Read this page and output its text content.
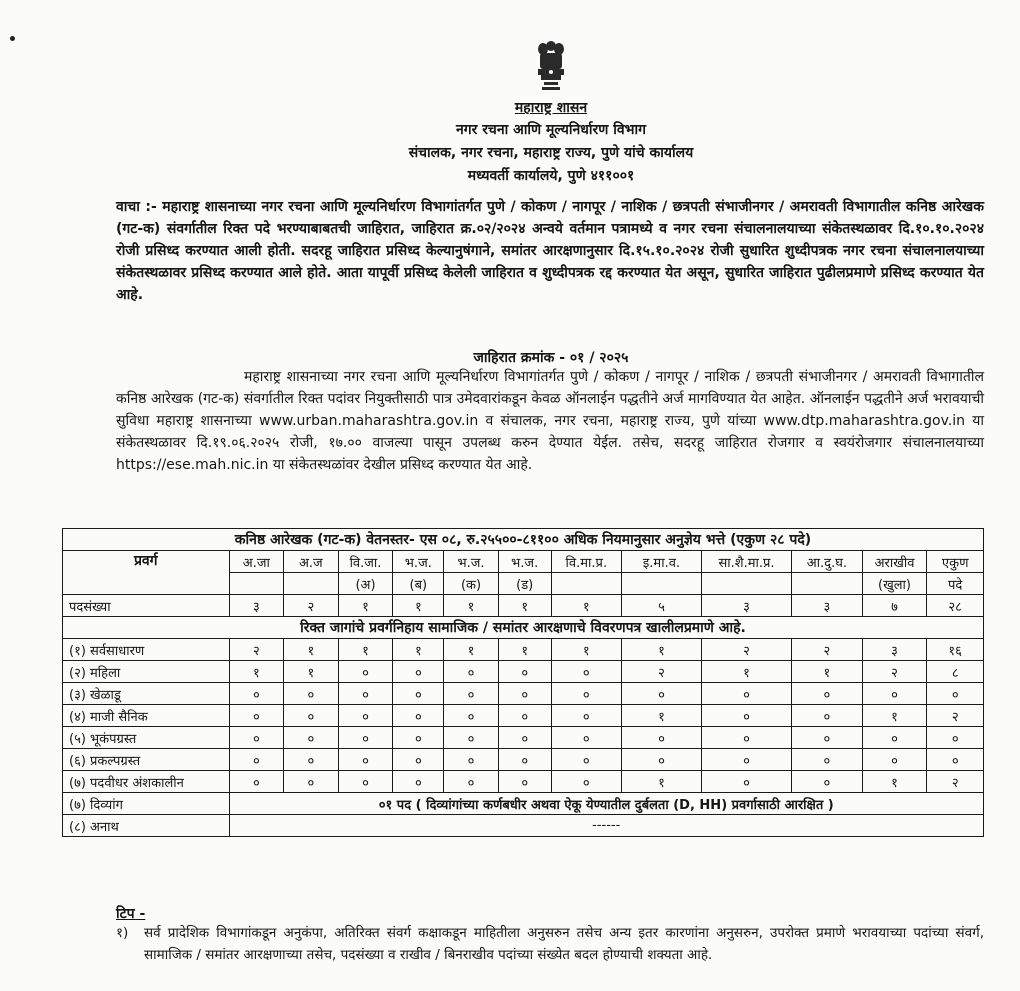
महाराष्ट्र शासन
नगर रचना आणि मूल्यनिर्धारण विभाग
संचालक, नगर रचना, महाराष्ट्र राज्य, पुणे यांचे कार्यालय
मध्यवर्ती कार्यालये, पुणे ४११००१
वाचा :- महाराष्ट्र शासनाच्या नगर रचना आणि मूल्यनिर्धारण विभागांतर्गत पुणे / कोकण / नागपूर / नाशिक / छत्रपती संभाजीनगर / अमरावती विभागातील कनिष्ठ आरेखक (गट-क) संवर्गातील रिक्त पदे भरण्याबाबतची जाहिरात, जाहिरात क्र.०२/२०२४ अन्वये वर्तमान पत्रामध्ये व नगर रचना संचालनालयाच्या संकेतस्थळावर दि.१०.१०.२०२४ रोजी प्रसिध्द करण्यात आली होती. सदरहू जाहिरात प्रसिध्द केल्यानुषंगाने, समांतर आरक्षणानुसार दि.१५.१०.२०२४ रोजी सुधारित शुध्दीपत्रक नगर रचना संचालनालयाच्या संकेतस्थळावर प्रसिध्द करण्यात आले होते. आता यापूर्वी प्रसिध्द केलेली जाहिरात व शुध्दीपत्रक रद्द करण्यात येत असून, सुधारित जाहिरात पुढीलप्रमाणे प्रसिध्द करण्यात येत आहे.
जाहिरात क्रमांक - ०१ / २०२५
महाराष्ट्र शासनाच्या नगर रचना आणि मूल्यनिर्धारण विभागांतर्गत पुणे / कोकण / नागपूर / नाशिक / छत्रपती संभाजीनगर / अमरावती विभागातील कनिष्ठ आरेखक (गट-क) संवर्गातील रिक्त पदांवर नियुक्तीसाठी पात्र उमेदवारांकडून केवळ ऑनलाईन पद्धतीने अर्ज मागविण्यात येत आहेत. ऑनलाईन पद्धतीने अर्ज भरावयाची सुविधा महाराष्ट्र शासनाच्या www.urban.maharashtra.gov.in व संचालक, नगर रचना, महाराष्ट्र राज्य, पुणे यांच्या www.dtp.maharashtra.gov.in या संकेतस्थळावर दि.१९.०६.२०२५ रोजी, १७.०० वाजल्या पासून उपलब्ध करुन देण्यात येईल. तसेच, सदरहू जाहिरात रोजगार व स्वयंरोजगार संचालनालयाच्या https://ese.mah.nic.in या संकेतस्थळांवर देखील प्रसिध्द करण्यात येत आहे.
कनिष्ठ आरेखक (गट-क) वेतनस्तर- एस ०८, रु.२५५००-८११०० अधिक नियमानुसार अनुज्ञेय भत्ते (एकुण २८ पदे)												
प्रवर्ग	अ.जा	अ.ज	वि.जा.	भ.ज.	भ.ज.	भ.ज.	वि.मा.प्र.	इ.मा.व.	सा.शै.मा.प्र.	आ.दु.घ.	अराखीव	एकुण
			(अ)	(ब)	(क)	(ड)					(खुला)	पदे
पदसंख्या	३	२	१	१	१	१	१	५	३	३	७	२८
रिक्त जागांचे प्रवर्गनिहाय सामाजिक / समांतर आरक्षणाचे विवरणपत्र खालीलप्रमाणे आहे.												
(१) सर्वसाधारण	२	१	१	१	१	१	१	१	२	२	३	१६
(२) महिला	१	१	०	०	०	०	०	२	१	१	२	८
(३) खेळाडू	०	०	०	०	०	०	०	०	०	०	०	०
(४) माजी सैनिक	०	०	०	०	०	०	०	१	०	०	१	२
(५) भूकंपग्रस्त	०	०	०	०	०	०	०	०	०	०	०	०
(६) प्रकल्पग्रस्त	०	०	०	०	०	०	०	०	०	०	०	०
(७) पदवीधर अंशकालीन	०	०	०	०	०	०	०	१	०	०	१	२
(७) दिव्यांग	०१ पद ( दिव्यांगांच्या कर्णबधीर अथवा ऐकू येण्यातील दुर्बलता (D, HH) प्रवर्गासाठी आरक्षित )											
(८) अनाथ	------											
टिप -
१) सर्व प्रादेशिक विभागांकडून अनुकंपा, अतिरिक्त संवर्ग कक्षाकडून माहितीला अनुसरुन तसेच अन्य इतर कारणांना अनुसरुन, उपरोक्त प्रमाणे भरावयाच्या पदांच्या संवर्ग, सामाजिक / समांतर आरक्षणाच्या तसेच, पदसंख्या व राखीव / बिनराखीव पदांच्या संख्येत बदल होण्याची शक्यता आहे.
